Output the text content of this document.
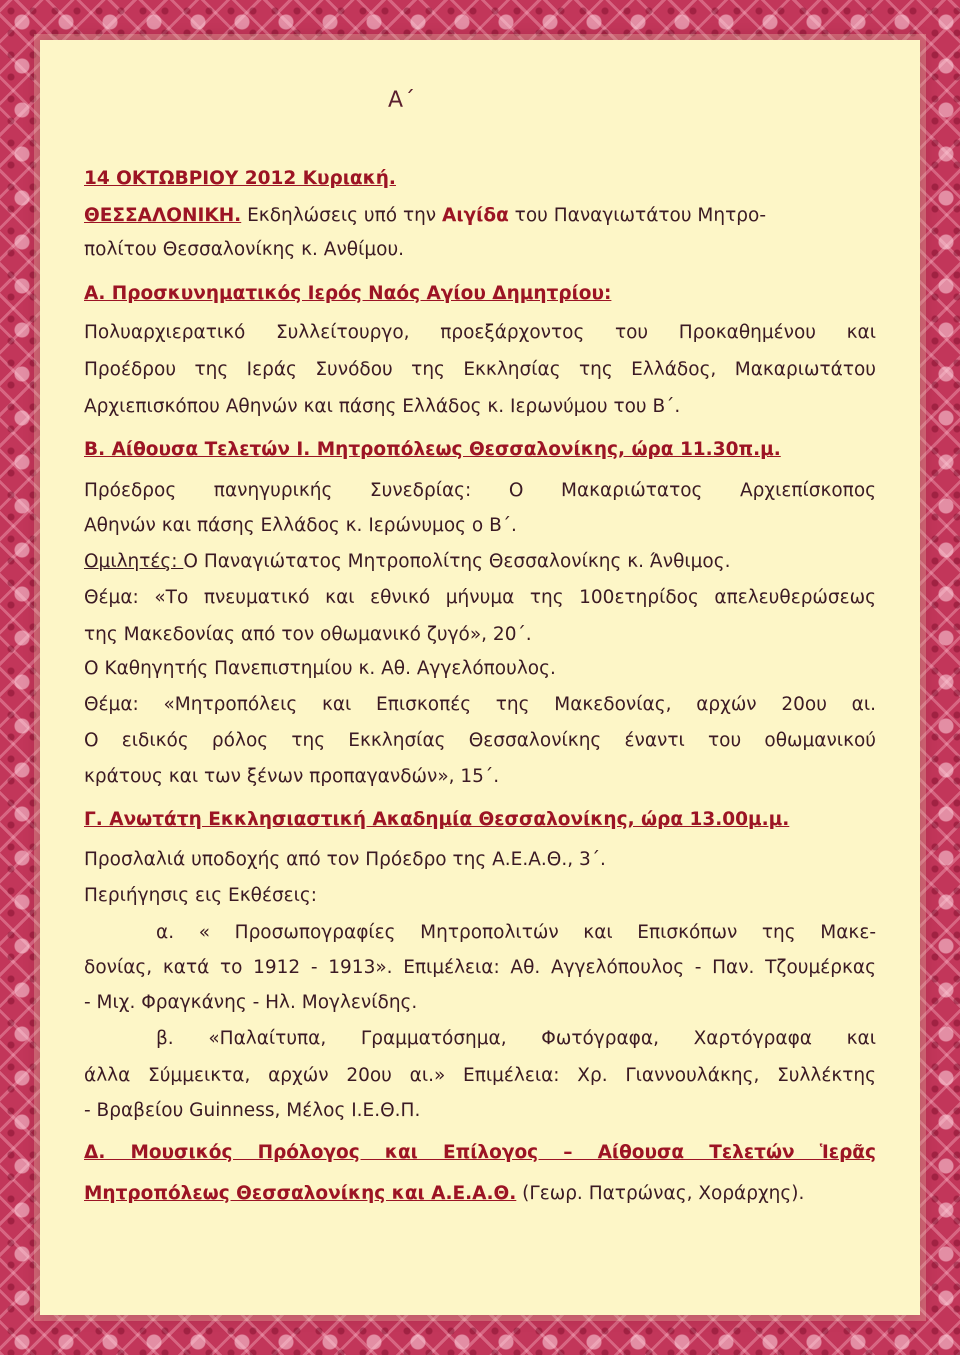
Α΄
14 ΟΚΤΩΒΡΙΟΥ 2012 Κυριακή.
ΘΕΣΣΑΛΟΝΙΚΗ. Εκδηλώσεις υπό την Αιγίδα του Παναγιωτάτου Μητρο-
πολίτου Θεσσαλονίκης κ. Ανθίμου.
Α. Προσκυνηματικός Ιερός Ναός Αγίου Δημητρίου:
Πολυαρχιερατικό Συλλείτουργο, προεξάρχοντος του Προκαθημένου και
Προέδρου της Ιεράς Συνόδου της Εκκλησίας της Ελλάδος, Μακαριωτάτου
Αρχιεπισκόπου Αθηνών και πάσης Ελλάδος κ. Ιερωνύμου του Β΄.
Β. Αίθουσα Τελετών Ι. Μητροπόλεως Θεσσαλονίκης, ώρα 11.30π.μ.
Πρόεδρος πανηγυρικής Συνεδρίας: Ο Μακαριώτατος Αρχιεπίσκοπος
Αθηνών και πάσης Ελλάδος κ. Ιερώνυμος ο Β΄.
Ομιλητές: Ο Παναγιώτατος Μητροπολίτης Θεσσαλονίκης κ. Άνθιμος.
Θέμα: «Το πνευματικό και εθνικό μήνυμα της 100ετηρίδος απελευθερώσεως
της Μακεδονίας από τον οθωμανικό ζυγό», 20΄.
Ο Καθηγητής Πανεπιστημίου κ. Αθ. Αγγελόπουλος.
Θέμα: «Μητροπόλεις και Επισκοπές της Μακεδονίας, αρχών 20ου αι.
Ο ειδικός ρόλος της Εκκλησίας Θεσσαλονίκης έναντι του οθωμανικού
κράτους και των ξένων προπαγανδών», 15΄.
Γ. Ανωτάτη Εκκλησιαστική Ακαδημία Θεσσαλονίκης, ώρα 13.00μ.μ.
Προσλαλιά υποδοχής από τον Πρόεδρο της Α.Ε.Α.Θ., 3΄.
Περιήγησις εις Εκθέσεις:
α. « Προσωπογραφίες Μητροπολιτών και Επισκόπων της Μακε-
δονίας, κατά το 1912 - 1913». Επιμέλεια: Αθ. Αγγελόπουλος - Παν. Τζουμέρκας
- Μιχ. Φραγκάνης - Ηλ. Μογλενίδης.
β. «Παλαίτυπα, Γραμματόσημα, Φωτόγραφα, Χαρτόγραφα και
άλλα Σύμμεικτα, αρχών 20ου αι.» Επιμέλεια: Χρ. Γιαννουλάκης, Συλλέκτης
- Βραβείου Guinness, Μέλος Ι.Ε.Θ.Π.
Δ. Μουσικός Πρόλογος και Επίλογος – Αίθουσα Τελετών Ἱερᾶς
Μητροπόλεως Θεσσαλονίκης και Α.Ε.Α.Θ. (Γεωρ. Πατρώνας, Χοράρχης).
